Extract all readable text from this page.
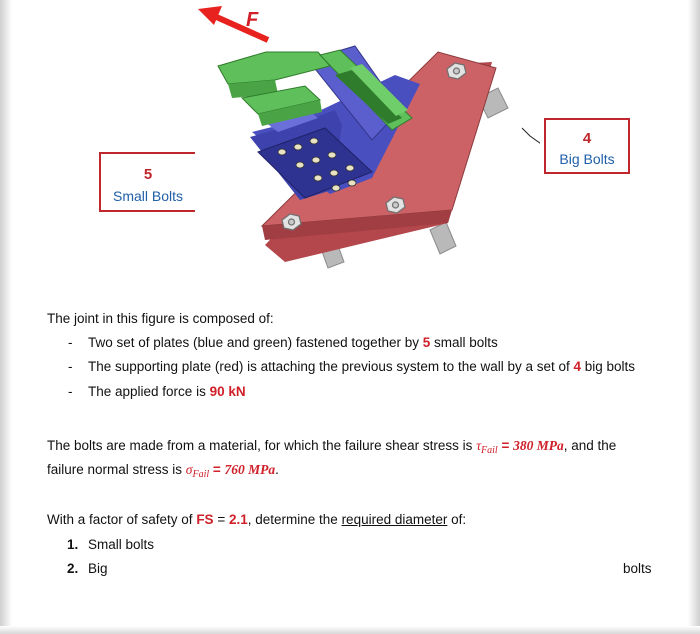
F
5
Small Bolts
4
Big Bolts
The joint in this figure is composed of:
- Two set of plates (blue and green) fastened together by 5 small bolts
- The supporting plate (red) is attaching the previous system to the wall by a set of 4 big bolts
- The applied force is 90 kN
The bolts are made from a material, for which the failure shear stress is $\tau_{Fail} = 380$ MPa, and the
failure normal stress is $\sigma_{Fail} = 760$ MPa.
With a factor of safety of FS = 2.1, determine the required diameter of:
1. Small bolts
2. Big	bolts
